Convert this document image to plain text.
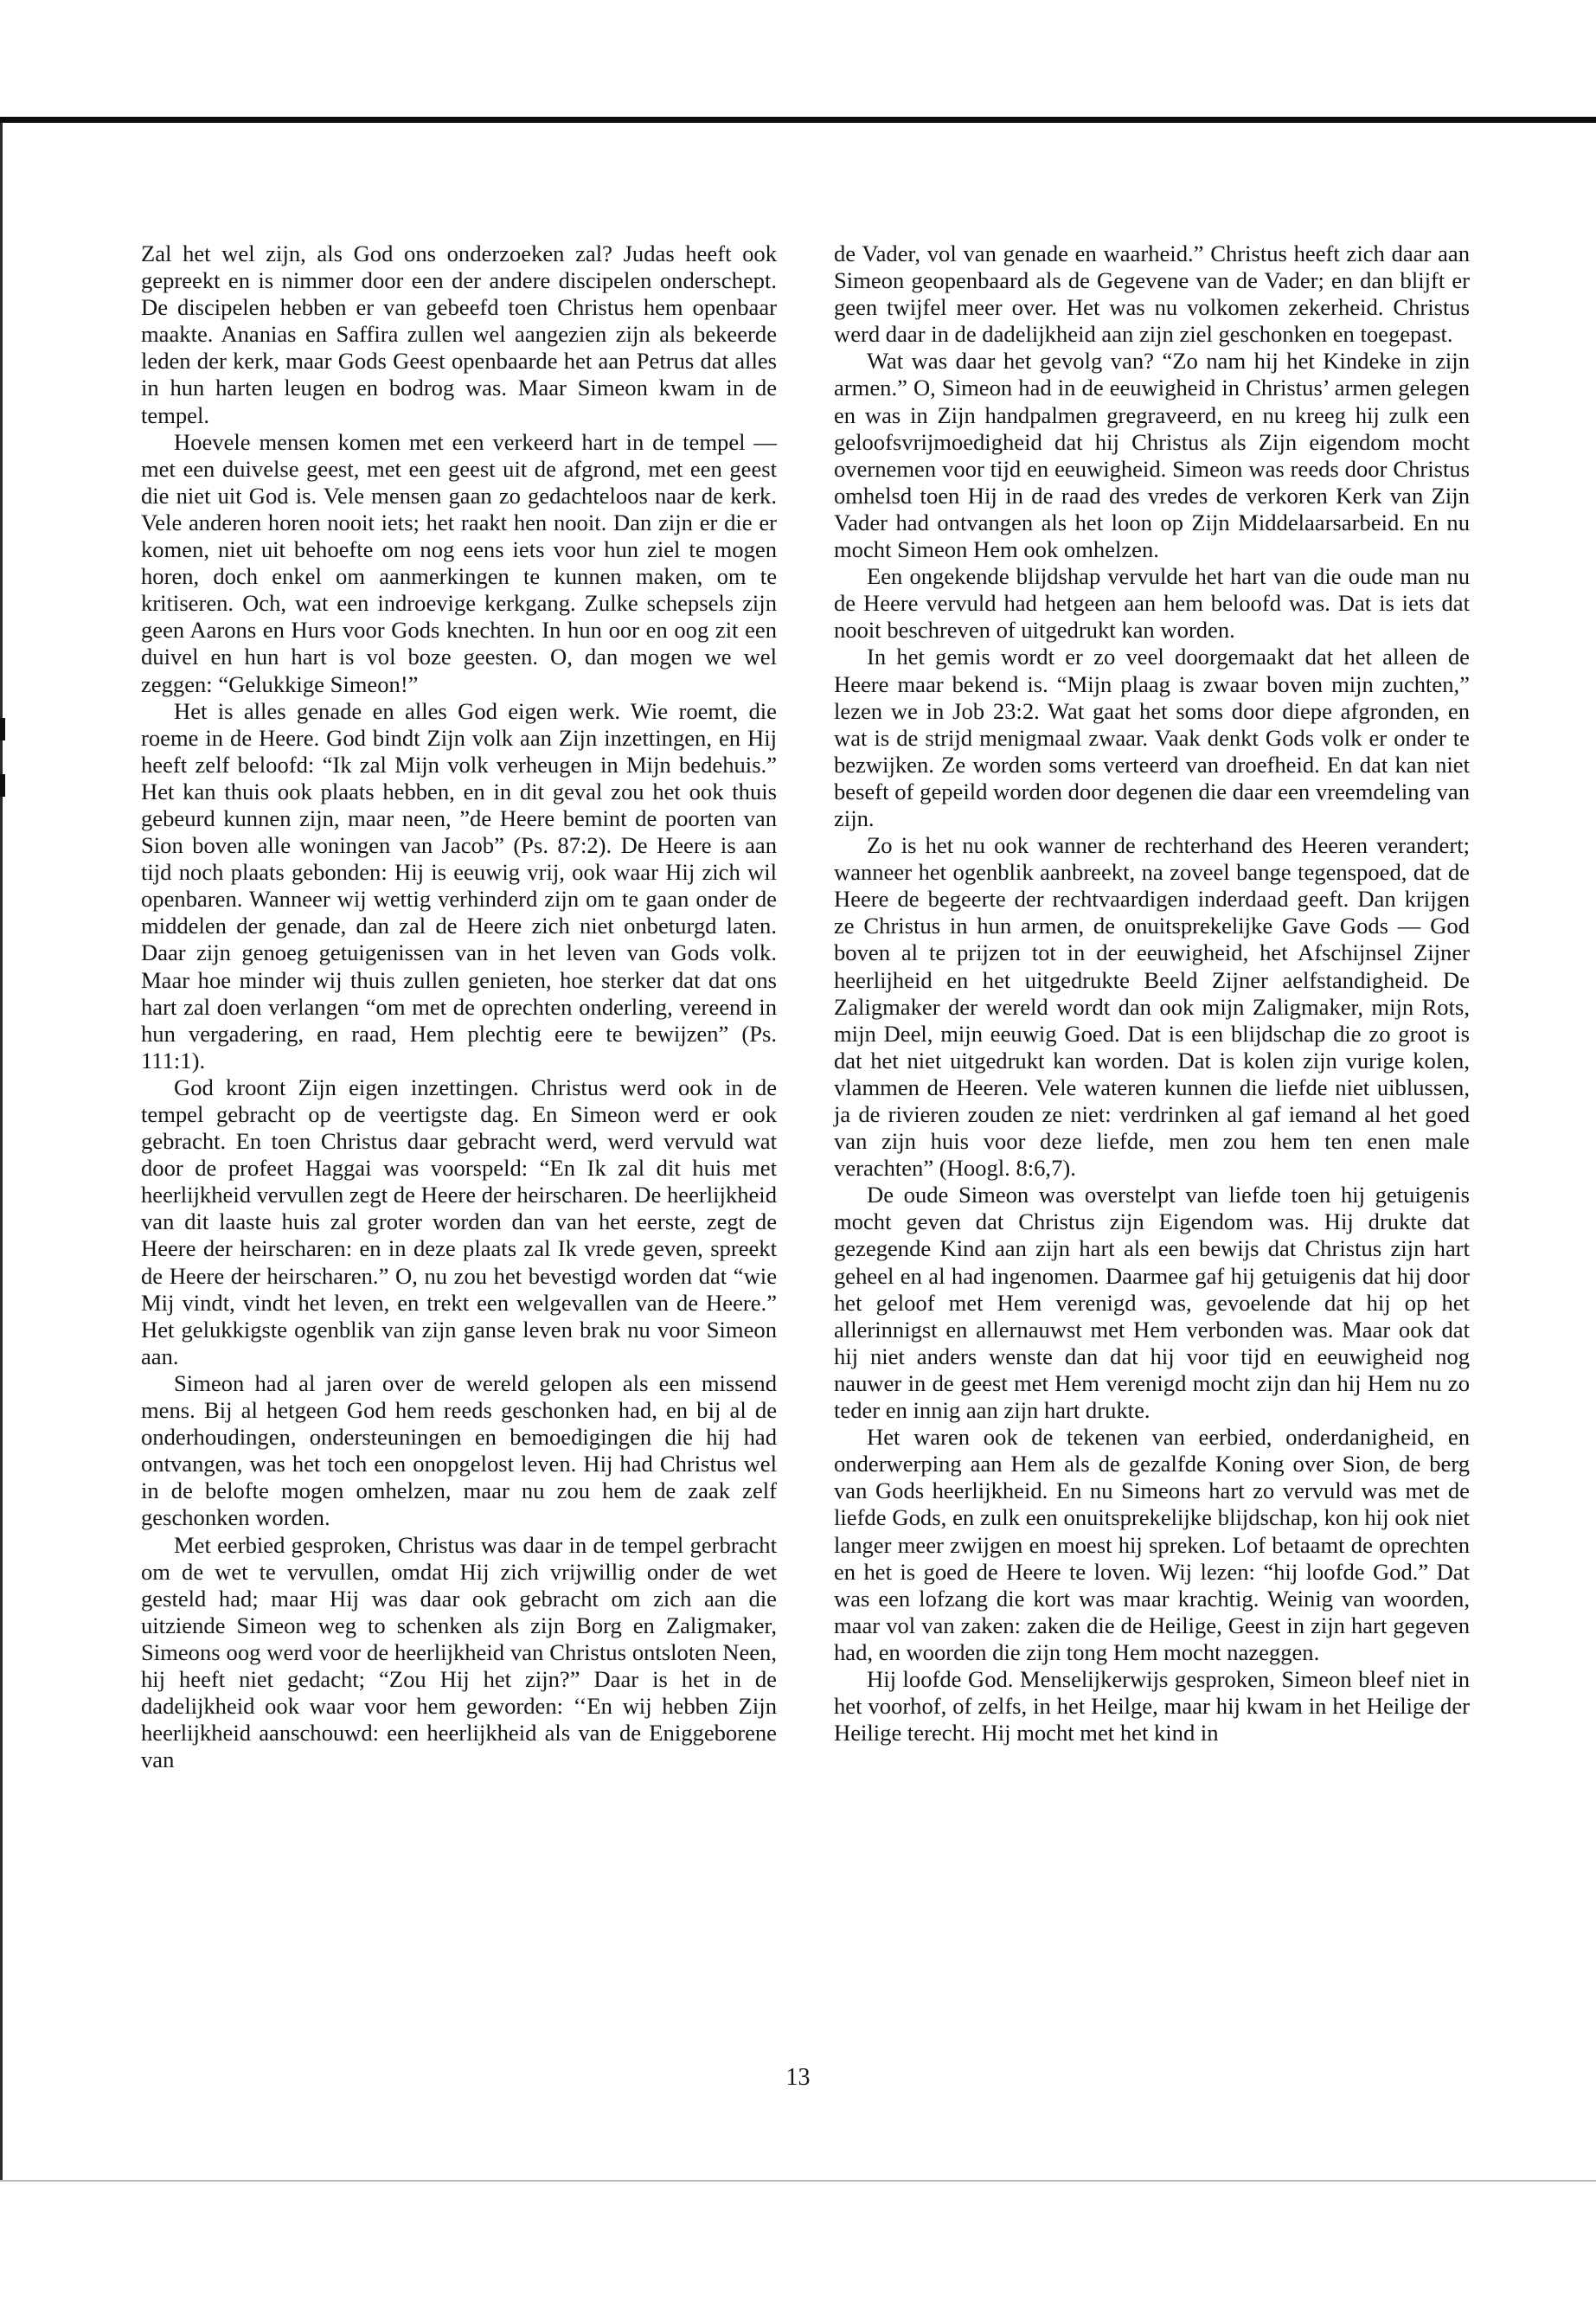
Zal het wel zijn, als God ons onderzoeken zal? Judas heeft ook gepreekt en is nimmer door een der andere discipelen onderschept. De discipelen hebben er van gebeefd toen Christus hem openbaar maakte. Ananias en Saffira zullen wel aangezien zijn als bekeerde leden der kerk, maar Gods Geest openbaarde het aan Petrus dat alles in hun harten leugen en bodrog was. Maar Simeon kwam in de tempel.

Hoevele mensen komen met een verkeerd hart in de tempel — met een duivelse geest, met een geest uit de afgrond, met een geest die niet uit God is. Vele mensen gaan zo gedachteloos naar de kerk. Vele anderen horen nooit iets; het raakt hen nooit. Dan zijn er die er komen, niet uit behoefte om nog eens iets voor hun ziel te mogen horen, doch enkel om aanmerkingen te kunnen maken, om te kritiseren. Och, wat een indroevige kerkgang. Zulke schepsels zijn geen Aarons en Hurs voor Gods knechten. In hun oor en oog zit een duivel en hun hart is vol boze geesten. O, dan mogen we wel zeggen: “Gelukkige Simeon!”

Het is alles genade en alles God eigen werk. Wie roemt, die roeme in de Heere. God bindt Zijn volk aan Zijn inzettingen, en Hij heeft zelf beloofd: “Ik zal Mijn volk verheugen in Mijn bedehuis.” Het kan thuis ook plaats hebben, en in dit geval zou het ook thuis gebeurd kunnen zijn, maar neen, ”de Heere bemint de poorten van Sion boven alle woningen van Jacob” (Ps. 87:2). De Heere is aan tijd noch plaats gebonden: Hij is eeuwig vrij, ook waar Hij zich wil openbaren. Wanneer wij wettig verhinderd zijn om te gaan onder de middelen der genade, dan zal de Heere zich niet onbeturgd laten. Daar zijn genoeg getuigenissen van in het leven van Gods volk. Maar hoe minder wij thuis zullen genieten, hoe sterker dat dat ons hart zal doen verlangen “om met de oprechten onderling, vereend in hun vergadering, en raad, Hem plechtig eere te bewijzen” (Ps. 111:1).

God kroont Zijn eigen inzettingen. Christus werd ook in de tempel gebracht op de veertigste dag. En Simeon werd er ook gebracht. En toen Christus daar gebracht werd, werd vervuld wat door de profeet Haggai was voorspeld: “En Ik zal dit huis met heerlijkheid vervullen zegt de Heere der heirscharen. De heerlijkheid van dit laaste huis zal groter worden dan van het eerste, zegt de Heere der heirscharen: en in deze plaats zal Ik vrede geven, spreekt de Heere der heirscharen.” O, nu zou het bevestigd worden dat “wie Mij vindt, vindt het leven, en trekt een welgevallen van de Heere.” Het gelukkigste ogenblik van zijn ganse leven brak nu voor Simeon aan.

Simeon had al jaren over de wereld gelopen als een missend mens. Bij al hetgeen God hem reeds geschonken had, en bij al de onderhoudingen, ondersteuningen en bemoedigingen die hij had ontvangen, was het toch een onopgelost leven. Hij had Christus wel in de belofte mogen omhelzen, maar nu zou hem de zaak zelf geschonken worden.

Met eerbied gesproken, Christus was daar in de tempel gerbracht om de wet te vervullen, omdat Hij zich vrijwillig onder de wet gesteld had; maar Hij was daar ook gebracht om zich aan die uitziende Simeon weg to schenken als zijn Borg en Zaligmaker, Simeons oog werd voor de heerlijkheid van Christus ontsloten Neen, hij heeft niet gedacht; “Zou Hij het zijn?” Daar is het in de dadelijkheid ook waar voor hem geworden: ‘‘En wij hebben Zijn heerlijkheid aanschouwd: een heerlijkheid als van de Eniggeborene van

de Vader, vol van genade en waarheid.” Christus heeft zich daar aan Simeon geopenbaard als de Gegevene van de Vader; en dan blijft er geen twijfel meer over. Het was nu volkomen zekerheid. Christus werd daar in de dadelijkheid aan zijn ziel geschonken en toegepast.

Wat was daar het gevolg van? “Zo nam hij het Kindeke in zijn armen.” O, Simeon had in de eeuwigheid in Christus’ armen gelegen en was in Zijn handpalmen gregraveerd, en nu kreeg hij zulk een geloofsvrijmoedigheid dat hij Christus als Zijn eigendom mocht overnemen voor tijd en eeuwigheid. Simeon was reeds door Christus omhelsd toen Hij in de raad des vredes de verkoren Kerk van Zijn Vader had ontvangen als het loon op Zijn Middelaarsarbeid. En nu mocht Simeon Hem ook omhelzen.

Een ongekende blijdshap vervulde het hart van die oude man nu de Heere vervuld had hetgeen aan hem beloofd was. Dat is iets dat nooit beschreven of uitgedrukt kan worden.

In het gemis wordt er zo veel doorgemaakt dat het alleen de Heere maar bekend is. “Mijn plaag is zwaar boven mijn zuchten,” lezen we in Job 23:2. Wat gaat het soms door diepe afgronden, en wat is de strijd menigmaal zwaar. Vaak denkt Gods volk er onder te bezwijken. Ze worden soms verteerd van droefheid. En dat kan niet beseft of gepeild worden door degenen die daar een vreemdeling van zijn.

Zo is het nu ook wanner de rechterhand des Heeren verandert; wanneer het ogenblik aanbreekt, na zoveel bange tegenspoed, dat de Heere de begeerte der rechtvaardigen inderdaad geeft. Dan krijgen ze Christus in hun armen, de onuitsprekelijke Gave Gods — God boven al te prijzen tot in der eeuwigheid, het Afschijnsel Zijner heerlijheid en het uitgedrukte Beeld Zijner aelfstandigheid. De Zaligmaker der wereld wordt dan ook mijn Zaligmaker, mijn Rots, mijn Deel, mijn eeuwig Goed. Dat is een blijdschap die zo groot is dat het niet uitgedrukt kan worden. Dat is kolen zijn vurige kolen, vlammen de Heeren. Vele wateren kunnen die liefde niet uiblussen, ja de rivieren zouden ze niet: verdrinken al gaf iemand al het goed van zijn huis voor deze liefde, men zou hem ten enen male verachten” (Hoogl. 8:6,7).

De oude Simeon was overstelpt van liefde toen hij getuigenis mocht geven dat Christus zijn Eigendom was. Hij drukte dat gezegende Kind aan zijn hart als een bewijs dat Christus zijn hart geheel en al had ingenomen. Daarmee gaf hij getuigenis dat hij door het geloof met Hem verenigd was, gevoelende dat hij op het allerinnigst en allernauwst met Hem verbonden was. Maar ook dat hij niet anders wenste dan dat hij voor tijd en eeuwigheid nog nauwer in de geest met Hem verenigd mocht zijn dan hij Hem nu zo teder en innig aan zijn hart drukte.

Het waren ook de tekenen van eerbied, onderdanigheid, en onderwerping aan Hem als de gezalfde Koning over Sion, de berg van Gods heerlijkheid. En nu Simeons hart zo vervuld was met de liefde Gods, en zulk een onuitsprekelijke blijdschap, kon hij ook niet langer meer zwijgen en moest hij spreken. Lof betaamt de oprechten en het is goed de Heere te loven. Wij lezen: “hij loofde God.” Dat was een lofzang die kort was maar krachtig. Weinig van woorden, maar vol van zaken: zaken die de Heilige, Geest in zijn hart gegeven had, en woorden die zijn tong Hem mocht nazeggen.

Hij loofde God. Menselijkerwijs gesproken, Simeon bleef niet in het voorhof, of zelfs, in het Heilge, maar hij kwam in het Heilige der Heilige terecht. Hij mocht met het kind in

13
